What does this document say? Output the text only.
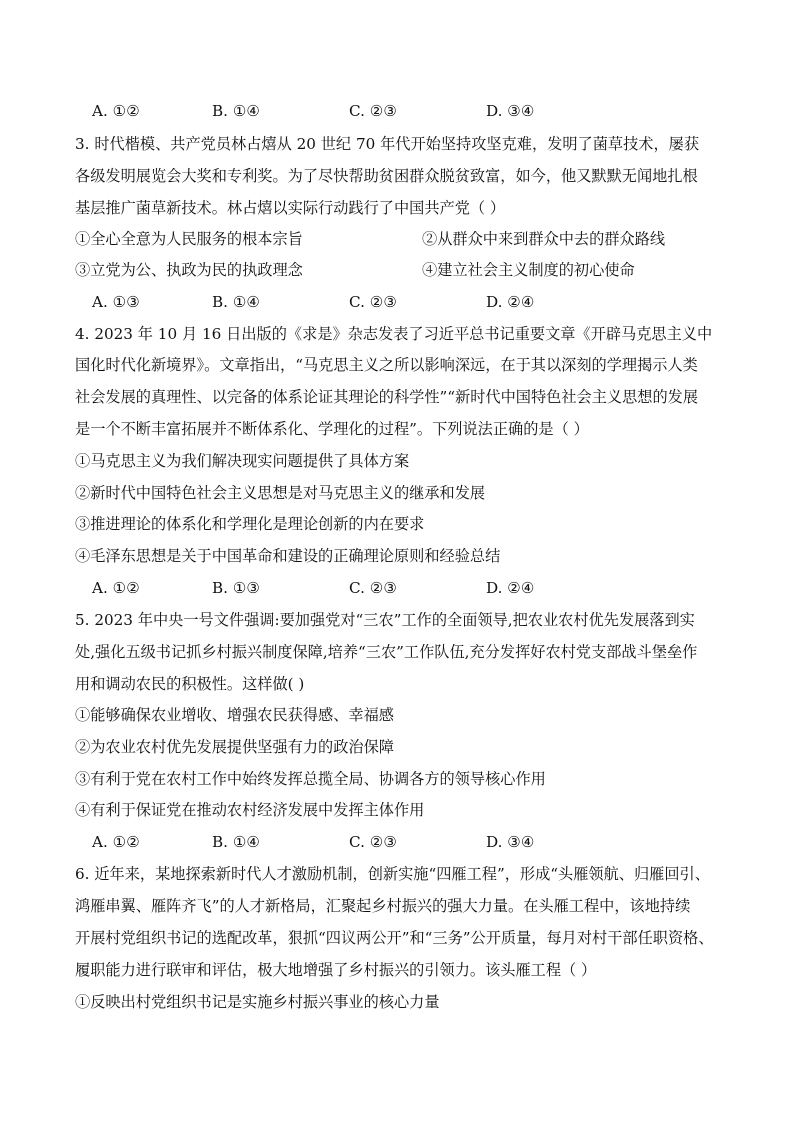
A. ①②	B. ①④	C. ②③	D. ③④
3. 时代楷模、共产党员林占熺从 20 世纪 70 年代开始坚持攻坚克难，发明了菌草技术，屡获
各级发明展览会大奖和专利奖。为了尽快帮助贫困群众脱贫致富，如今，他又默默无闻地扎根
基层推广菌草新技术。林占熺以实际行动践行了中国共产党（ ）
①全心全意为人民服务的根本宗旨	②从群众中来到群众中去的群众路线
③立党为公、执政为民的执政理念	④建立社会主义制度的初心使命
A. ①③	B. ①④	C. ②③	D. ②④
4. 2023 年 10 月 16 日出版的《求是》杂志发表了习近平总书记重要文章《开辟马克思主义中
国化时代化新境界》。文章指出，“马克思主义之所以影响深远，在于其以深刻的学理揭示人类
社会发展的真理性、以完备的体系论证其理论的科学性”“新时代中国特色社会主义思想的发展
是一个不断丰富拓展并不断体系化、学理化的过程”。下列说法正确的是（ ）
①马克思主义为我们解决现实问题提供了具体方案
②新时代中国特色社会主义思想是对马克思主义的继承和发展
③推进理论的体系化和学理化是理论创新的内在要求
④毛泽东思想是关于中国革命和建设的正确理论原则和经验总结
A. ①②	B. ①③	C. ②③	D. ②④
5. 2023 年中央一号文件强调:要加强党对“三农”工作的全面领导,把农业农村优先发展落到实
处,强化五级书记抓乡村振兴制度保障,培养“三农”工作队伍,充分发挥好农村党支部战斗堡垒作
用和调动农民的积极性。这样做( )
①能够确保农业增收、增强农民获得感、幸福感
②为农业农村优先发展提供坚强有力的政治保障
③有利于党在农村工作中始终发挥总揽全局、协调各方的领导核心作用
④有利于保证党在推动农村经济发展中发挥主体作用
A. ①②	B. ①④	C. ②③	D. ③④
6. 近年来，某地探索新时代人才激励机制，创新实施“四雁工程”，形成“头雁领航、归雁回引、
鸿雁串翼、雁阵齐飞”的人才新格局，汇聚起乡村振兴的强大力量。在头雁工程中，该地持续
开展村党组织书记的选配改革，狠抓“四议两公开”和“三务”公开质量，每月对村干部任职资格、
履职能力进行联审和评估，极大地增强了乡村振兴的引领力。该头雁工程（ ）
①反映出村党组织书记是实施乡村振兴事业的核心力量
